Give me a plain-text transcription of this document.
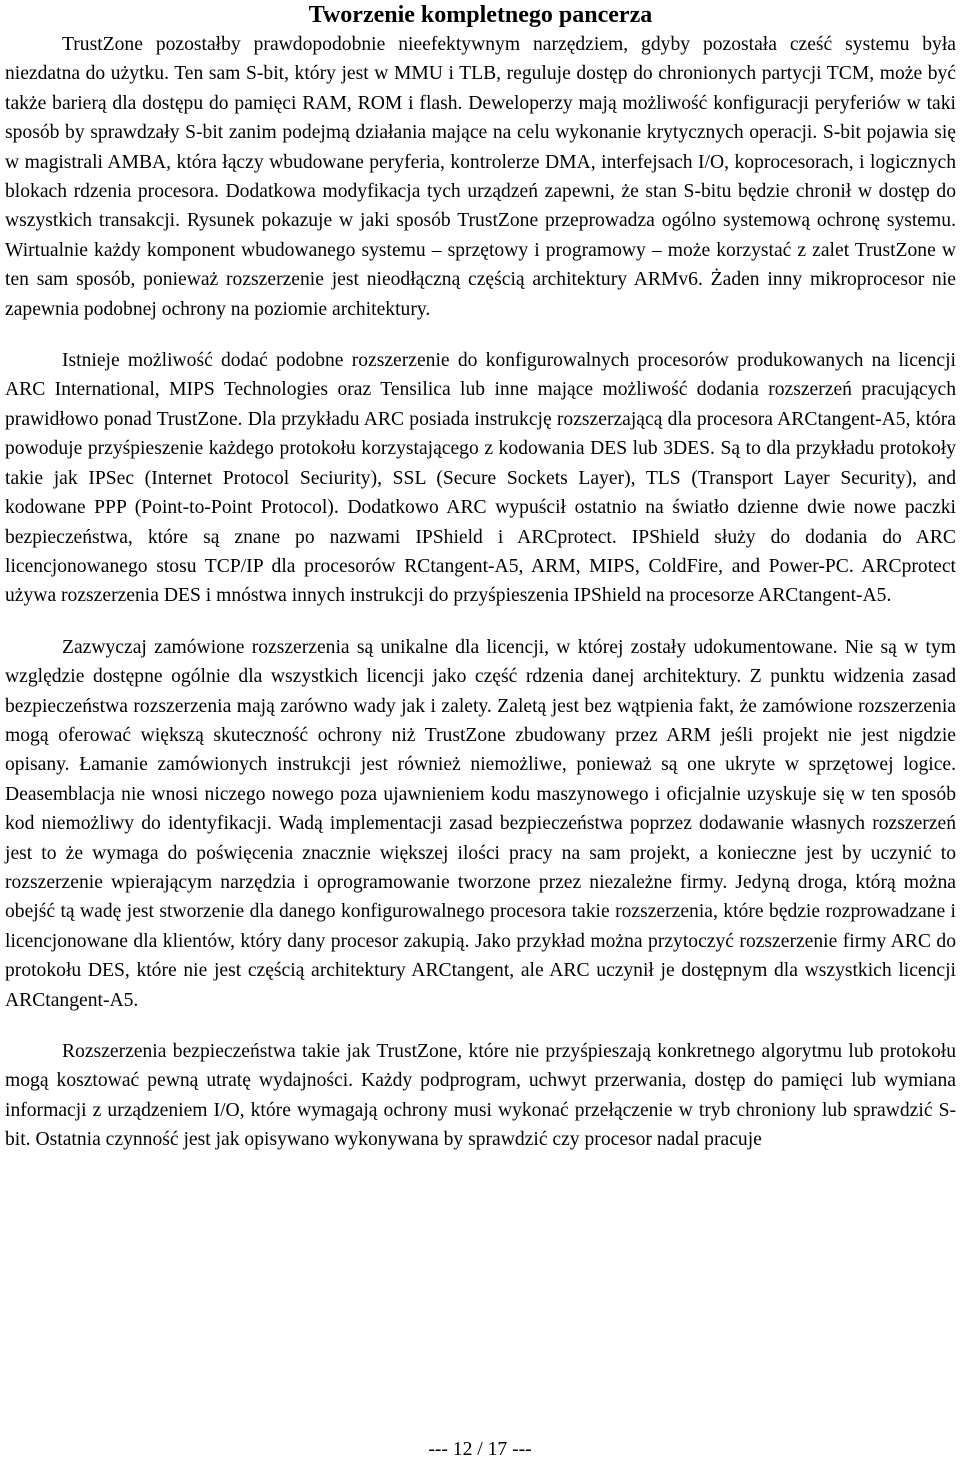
Tworzenie kompletnego pancerza

TrustZone pozostałby prawdopodobnie nieefektywnym narzędziem, gdyby pozostała cześć systemu była niezdatna do użytku. Ten sam S-bit, który jest w MMU i TLB, reguluje dostęp do chronionych partycji TCM, może być także barierą dla dostępu do pamięci RAM, ROM i flash. Deweloperzy mają możliwość konfiguracji peryferiów w taki sposób by sprawdzały S-bit zanim podejmą działania mające na celu wykonanie krytycznych operacji. S-bit pojawia się w magistrali AMBA, która łączy wbudowane peryferia, kontrolerze DMA, interfejsach I/O, koprocesorach, i logicznych blokach rdzenia procesora. Dodatkowa modyfikacja tych urządzeń zapewni, że stan S-bitu będzie chronił w dostęp do wszystkich transakcji. Rysunek pokazuje w jaki sposób TrustZone przeprowadza ogólno systemową ochronę systemu. Wirtualnie każdy komponent wbudowanego systemu – sprzętowy i programowy – może korzystać z zalet TrustZone w ten sam sposób, ponieważ rozszerzenie jest nieodłączną częścią architektury ARMv6. Żaden inny mikroprocesor nie zapewnia podobnej ochrony na poziomie architektury.

Istnieje możliwość dodać podobne rozszerzenie do konfigurowalnych procesorów produkowanych na licencji ARC International, MIPS Technologies oraz Tensilica lub inne mające możliwość dodania rozszerzeń pracujących prawidłowo ponad TrustZone. Dla przykładu ARC posiada instrukcję rozszerzającą dla procesora ARCtangent-A5, która powoduje przyśpieszenie każdego protokołu korzystającego z kodowania DES lub 3DES. Są to dla przykładu protokoły takie jak IPSec (Internet Protocol Seciurity), SSL (Secure Sockets Layer), TLS (Transport Layer Security), and kodowane PPP (Point-to-Point Protocol). Dodatkowo ARC wypuścił ostatnio na światło dzienne dwie nowe paczki bezpieczeństwa, które są znane po nazwami IPShield i ARCprotect. IPShield służy do dodania do ARC licencjonowanego stosu TCP/IP dla procesorów RCtangent-A5, ARM, MIPS, ColdFire, and Power-PC. ARCprotect używa rozszerzenia DES i mnóstwa innych instrukcji do przyśpieszenia IPShield na procesorze ARCtangent-A5.

Zazwyczaj zamówione rozszerzenia są unikalne dla licencji, w której zostały udokumentowane. Nie są w tym względzie dostępne ogólnie dla wszystkich licencji jako część rdzenia danej architektury. Z punktu widzenia zasad bezpieczeństwa rozszerzenia mają zarówno wady jak i zalety. Zaletą jest bez wątpienia fakt, że zamówione rozszerzenia mogą oferować większą skuteczność ochrony niż TrustZone zbudowany przez ARM jeśli projekt nie jest nigdzie opisany. Łamanie zamówionych instrukcji jest również niemożliwe, ponieważ są one ukryte w sprzętowej logice. Deasemblacja nie wnosi niczego nowego poza ujawnieniem kodu maszynowego i oficjalnie uzyskuje się w ten sposób kod niemożliwy do identyfikacji. Wadą implementacji zasad bezpieczeństwa poprzez dodawanie własnych rozszerzeń jest to że wymaga do poświęcenia znacznie większej ilości pracy na sam projekt, a konieczne jest by uczynić to rozszerzenie wpierającym narzędzia i oprogramowanie tworzone przez niezależne firmy. Jedyną droga, którą można obejść tą wadę jest stworzenie dla danego konfigurowalnego procesora takie rozszerzenia, które będzie rozprowadzane i licencjonowane dla klientów, który dany procesor zakupią. Jako przykład można przytoczyć rozszerzenie firmy ARC do protokołu DES, które nie jest częścią architektury ARCtangent, ale ARC uczynił je dostępnym dla wszystkich licencji ARCtangent-A5.

Rozszerzenia bezpieczeństwa takie jak TrustZone, które nie przyśpieszają konkretnego algorytmu lub protokołu mogą kosztować pewną utratę wydajności. Każdy podprogram, uchwyt przerwania, dostęp do pamięci lub wymiana informacji z urządzeniem I/O, które wymagają ochrony musi wykonać przełączenie w tryb chroniony lub sprawdzić S-bit. Ostatnia czynność jest jak opisywano wykonywana by sprawdzić czy procesor nadal pracuje

--- 12 / 17 ---
